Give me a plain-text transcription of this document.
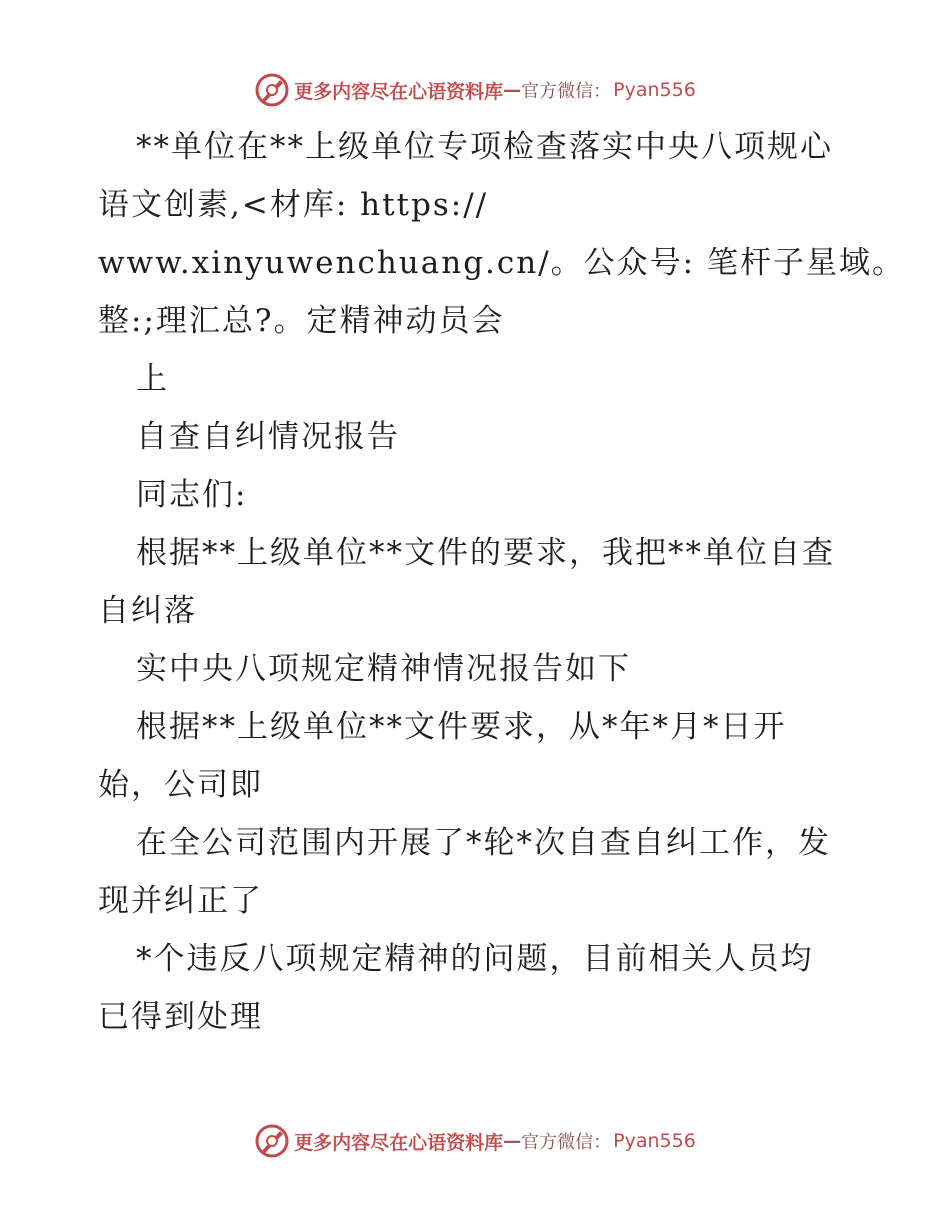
更多内容尽在心语资料库 — 官方微信： Pyan556
**单位在**上级单位专项检查落实中央八项规心
语文创素,<材库: https://
www.xinyuwenchuang.cn/。公众号: 笔杆子星域。
整:;理汇总?。定精神动员会
上
自查自纠情况报告
同志们:
根据**上级单位**文件的要求，我把**单位自查
自纠落
实中央八项规定精神情况报告如下
根据**上级单位**文件要求，从*年*月*日开
始，公司即
在全公司范围内开展了*轮*次自查自纠工作，发
现并纠正了
*个违反八项规定精神的问题，目前相关人员均
已得到处理
更多内容尽在心语资料库 — 官方微信： Pyan556
